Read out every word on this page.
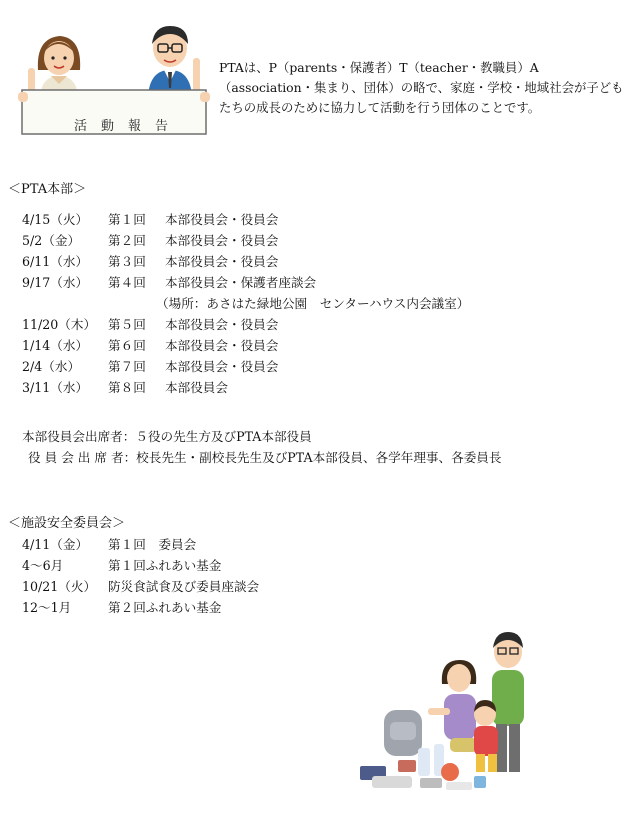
活動報告
PTAは、P（parents・保護者）T（teacher・教職員）A（association・集まり、団体）の略で、家庭・学校・地域社会が子どもたちの成長のために協力して活動を行う団体のことです。
＜PTA本部＞
4/15（火） 第１回 本部役員会・役員会
5/2（金） 第２回 本部役員会・役員会
6/11（水） 第３回 本部役員会・役員会
9/17（水） 第４回 本部役員会・保護者座談会
（場所：あさはた緑地公園　センターハウス内会議室）
11/20（木） 第５回 本部役員会・役員会
1/14（水） 第６回 本部役員会・役員会
2/4（水） 第７回 本部役員会・役員会
3/11（水） 第８回 本部役員会
本部役員会出席者：５役の先生方及びPTA本部役員
役 員 会 出 席 者：校長先生・副校長先生及びPTA本部役員、各学年理事、各委員長
＜施設安全委員会＞
4/11（金） 第１回　委員会
4～6月	第１回ふれあい基金
10/21（火） 防災食試食及び委員座談会
12～1月	第２回ふれあい基金
